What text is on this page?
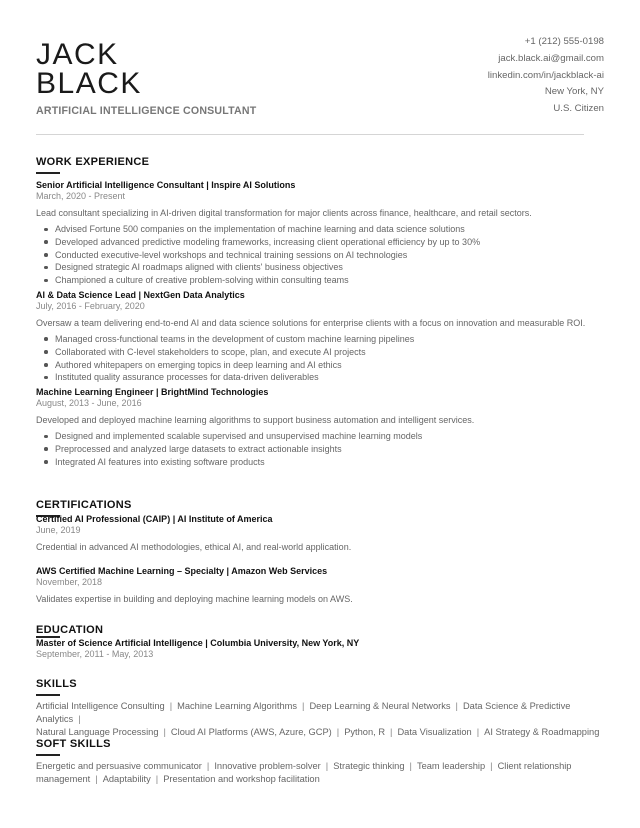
JACK
BLACK
ARTIFICIAL INTELLIGENCE CONSULTANT
+1 (212) 555-0198
jack.black.ai@gmail.com
linkedin.com/in/jackblack-ai
New York, NY
U.S. Citizen
WORK EXPERIENCE
Senior Artificial Intelligence Consultant | Inspire AI Solutions
March, 2020 - Present
Lead consultant specializing in AI-driven digital transformation for major clients across finance, healthcare, and retail sectors.
Advised Fortune 500 companies on the implementation of machine learning and data science solutions
Developed advanced predictive modeling frameworks, increasing client operational efficiency by up to 30%
Conducted executive-level workshops and technical training sessions on AI technologies
Designed strategic AI roadmaps aligned with clients' business objectives
Championed a culture of creative problem-solving within consulting teams
AI & Data Science Lead | NextGen Data Analytics
July, 2016 - February, 2020
Oversaw a team delivering end-to-end AI and data science solutions for enterprise clients with a focus on innovation and measurable ROI.
Managed cross-functional teams in the development of custom machine learning pipelines
Collaborated with C-level stakeholders to scope, plan, and execute AI projects
Authored whitepapers on emerging topics in deep learning and AI ethics
Instituted quality assurance processes for data-driven deliverables
Machine Learning Engineer | BrightMind Technologies
August, 2013 - June, 2016
Developed and deployed machine learning algorithms to support business automation and intelligent services.
Designed and implemented scalable supervised and unsupervised machine learning models
Preprocessed and analyzed large datasets to extract actionable insights
Integrated AI features into existing software products
CERTIFICATIONS
Certified AI Professional (CAIP) | AI Institute of America
June, 2019
Credential in advanced AI methodologies, ethical AI, and real-world application.
AWS Certified Machine Learning – Specialty | Amazon Web Services
November, 2018
Validates expertise in building and deploying machine learning models on AWS.
EDUCATION
Master of Science Artificial Intelligence | Columbia University, New York, NY
September, 2011 - May, 2013
SKILLS
Artificial Intelligence Consulting | Machine Learning Algorithms | Deep Learning & Neural Networks | Data Science & Predictive Analytics |
Natural Language Processing | Cloud AI Platforms (AWS, Azure, GCP) | Python, R | Data Visualization | AI Strategy & Roadmapping
SOFT SKILLS
Energetic and persuasive communicator | Innovative problem-solver | Strategic thinking | Team leadership | Client relationship management | Adaptability | Presentation and workshop facilitation
